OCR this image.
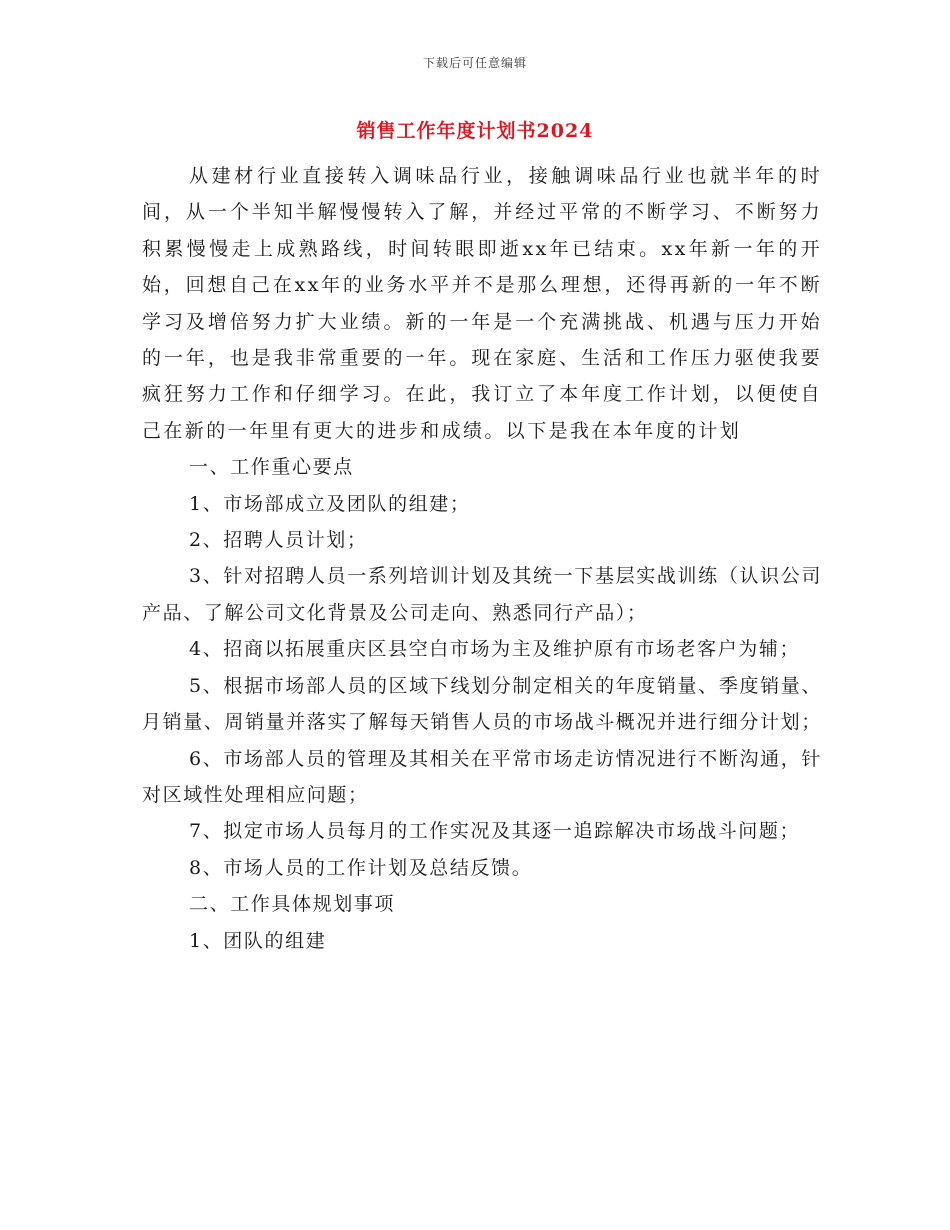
下载后可任意编辑
销售工作年度计划书2024

从建材行业直接转入调味品行业，接触调味品行业也就半年的时间，从一个半知半解慢慢转入了解，并经过平常的不断学习、不断努力积累慢慢走上成熟路线，时间转眼即逝xx年已结束。xx年新一年的开始，回想自己在xx年的业务水平并不是那么理想，还得再新的一年不断学习及增倍努力扩大业绩。新的一年是一个充满挑战、机遇与压力开始的一年，也是我非常重要的一年。现在家庭、生活和工作压力驱使我要疯狂努力工作和仔细学习。在此，我订立了本年度工作计划，以便使自己在新的一年里有更大的进步和成绩。以下是我在本年度的计划

一、工作重心要点

1、市场部成立及团队的组建；

2、招聘人员计划；

3、针对招聘人员一系列培训计划及其统一下基层实战训练（认识公司产品、了解公司文化背景及公司走向、熟悉同行产品）；

4、招商以拓展重庆区县空白市场为主及维护原有市场老客户为辅；

5、根据市场部人员的区域下线划分制定相关的年度销量、季度销量、月销量、周销量并落实了解每天销售人员的市场战斗概况并进行细分计划；

6、市场部人员的管理及其相关在平常市场走访情况进行不断沟通，针对区域性处理相应问题；

7、拟定市场人员每月的工作实况及其逐一追踪解决市场战斗问题；

8、市场人员的工作计划及总结反馈。

二、工作具体规划事项

1、团队的组建
